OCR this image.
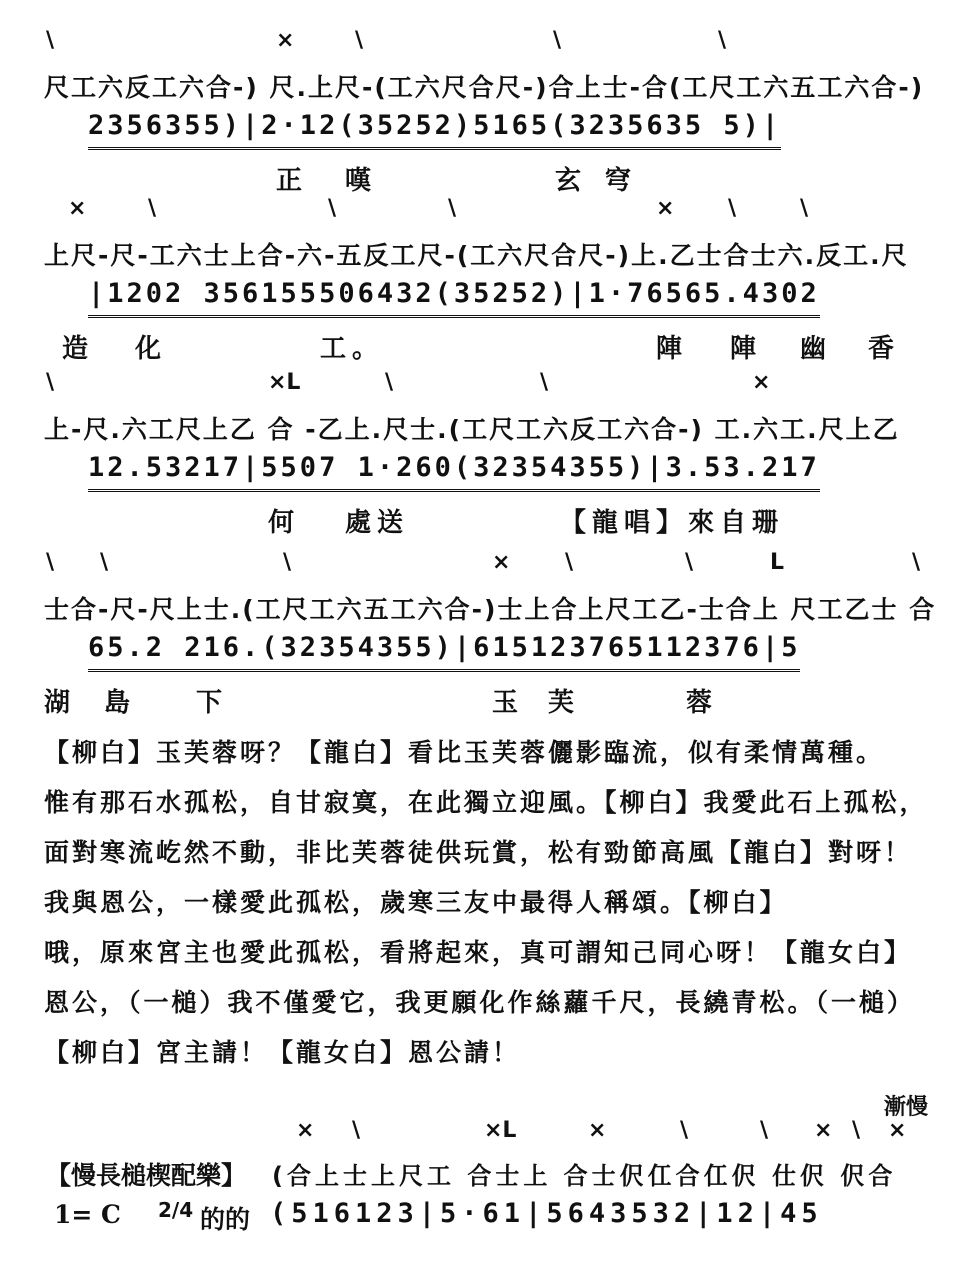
\	×	\	\	\
尺工六反工六合-) 尺.上尺-(工六尺合尺-)合上士-合(工尺工六五工六合-)
2356355)|2·12(35252)5165(3235635 5)|
正 嘆	玄 穹
×	\	\	\	× \	\
上尺-尺-工六士上合-六-五反工尺-(工六尺合尺-)上.乙士合士六.反工.尺
|1202 356155506432(35252)|1·76565.4302
造 化	工。	陣 陣 幽 香
\	×L	\	\	×
上-尺.六工尺上乙 合 -乙上.尺士.(工尺工六反工六合-) 工.六工.尺上乙
12.53217|5507 1·260(32354355)|3.53.217
何 處送	【龍唱】來自 珊
\ \	\	× \	\	L	\
士合-尺-尺上士.(工尺工六五工六合-)士上合上尺工乙-士合上 尺工乙士 合
65.2 216.(32354355)|615123765112376|5
湖 島 下	玉 芙	蓉
【柳白】玉芙蓉呀？【龍白】看比玉芙蓉儷影臨流，似有柔情萬種。
惟有那石水孤松，自甘寂寞，在此獨立迎風。【柳白】我愛此石上孤松，
面對寒流屹然不動，非比芙蓉徒供玩賞，松有勁節高風【龍白】對呀！
我與恩公，一樣愛此孤松，歲寒三友中最得人稱頌。【柳白】
哦，原來宮主也愛此孤松，看將起來，真可謂知己同心呀！【龍女白】
恩公，（一槌）我不僅愛它，我更願化作絲蘿千尺，長繞青松。（一槌）
【柳白】宮主請！【龍女白】恩公請！
漸慢
× \	×L	×	\	\ × \ ×
【慢長槌楔配樂】 (合上士上尺工 合士上 合士伬仜合仜伬 仕伬 伬合
1= C 2/4 的的 (516123|5·61|5643532|12|45
